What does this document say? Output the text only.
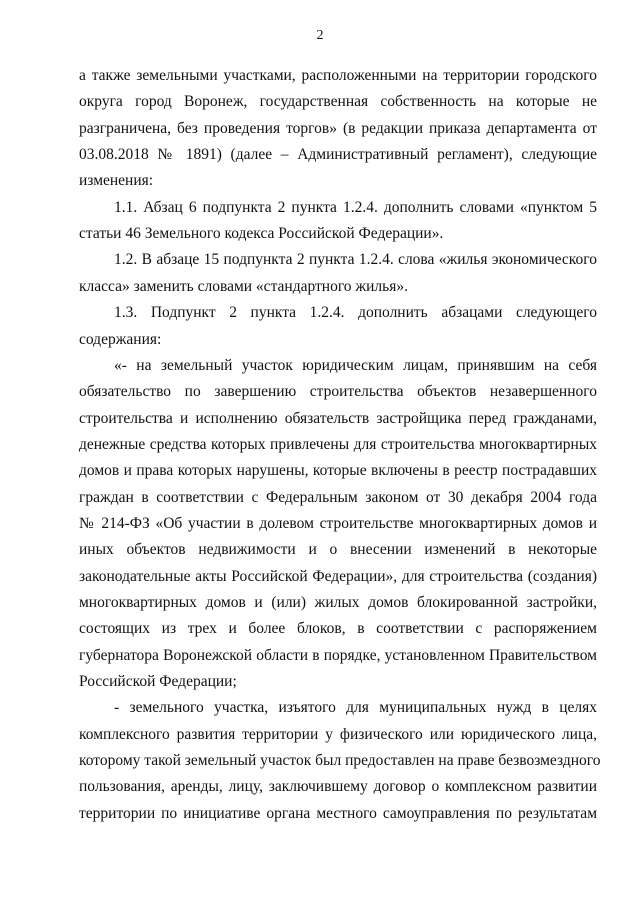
2
а также земельными участками, расположенными на территории городского
округа город Воронеж, государственная собственность на которые не
разграничена, без проведения торгов» (в редакции приказа департамента от
03.08.2018 № 1891) (далее – Административный регламент), следующие
изменения:
1.1. Абзац 6 подпункта 2 пункта 1.2.4. дополнить словами «пунктом 5
статьи 46 Земельного кодекса Российской Федерации».
1.2. В абзаце 15 подпункта 2 пункта 1.2.4. слова «жилья экономического
класса» заменить словами «стандартного жилья».
1.3. Подпункт 2 пункта 1.2.4. дополнить абзацами следующего
содержания:
«- на земельный участок юридическим лицам, принявшим на себя
обязательство по завершению строительства объектов незавершенного
строительства и исполнению обязательств застройщика перед гражданами,
денежные средства которых привлечены для строительства многоквартирных
домов и права которых нарушены, которые включены в реестр пострадавших
граждан в соответствии с Федеральным законом от 30 декабря 2004 года
№ 214-ФЗ «Об участии в долевом строительстве многоквартирных домов и
иных объектов недвижимости и о внесении изменений в некоторые
законодательные акты Российской Федерации», для строительства (создания)
многоквартирных домов и (или) жилых домов блокированной застройки,
состоящих из трех и более блоков, в соответствии с распоряжением
губернатора Воронежской области в порядке, установленном Правительством
Российской Федерации;
- земельного участка, изъятого для муниципальных нужд в целях
комплексного развития территории у физического или юридического лица,
которому такой земельный участок был предоставлен на праве безвозмездного
пользования, аренды, лицу, заключившему договор о комплексном развитии
территории по инициативе органа местного самоуправления по результатам
